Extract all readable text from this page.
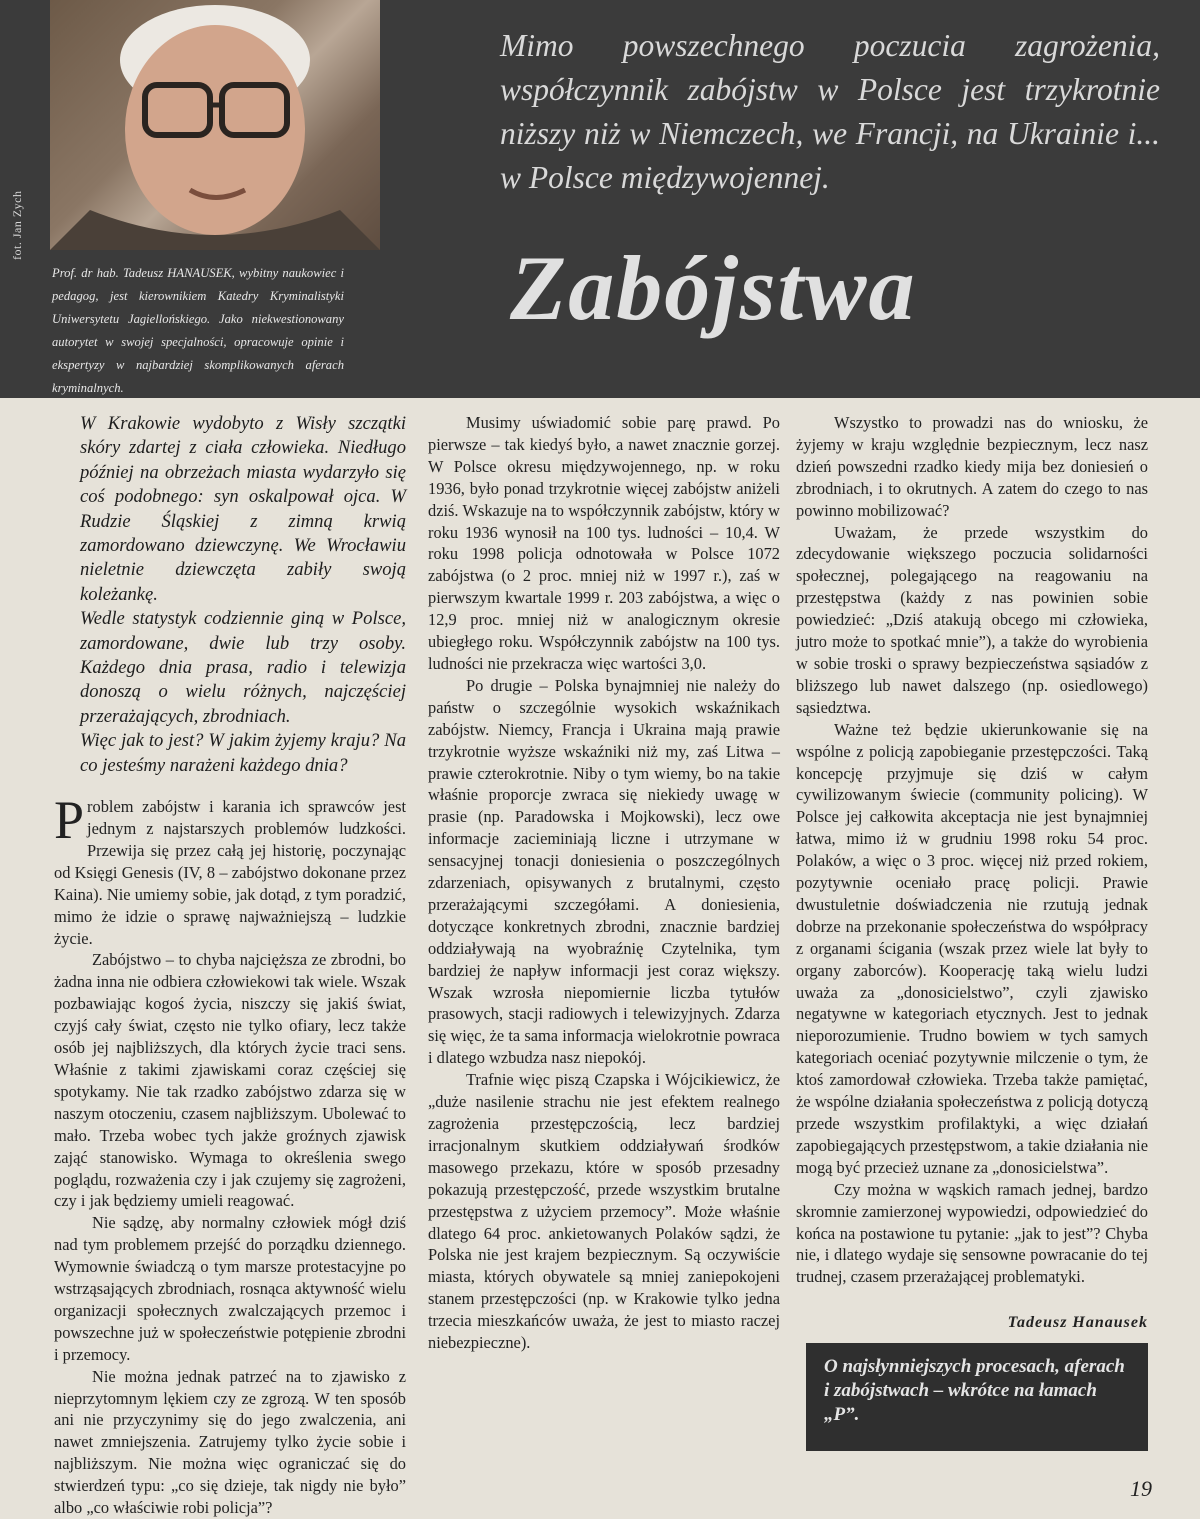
fot. Jan Zych

Prof. dr hab. Tadeusz HANAUSEK, wybitny naukowiec i pedagog, jest kierownikiem Katedry Kryminalistyki Uniwersytetu Jagiellońskiego. Jako niekwestionowany autorytet w swojej specjalności, opracowuje opinie i ekspertyzy w najbardziej skomplikowanych aferach kryminalnych.

Mimo powszechnego poczucia zagrożenia, współczynnik zabójstw w Polsce jest trzykrotnie niższy niż w Niemczech, we Francji, na Ukrainie i... w Polsce międzywojennej.

Zabójstwa

W Krakowie wydobyto z Wisły szczątki skóry zdartej z ciała człowieka. Niedługo później na obrzeżach miasta wydarzyło się coś podobnego: syn oskalpował ojca. W Rudzie Śląskiej z zimną krwią zamordowano dziewczynę. We Wrocławiu nieletnie dziewczęta zabiły swoją koleżankę.

Wedle statystyk codziennie giną w Polsce, zamordowane, dwie lub trzy osoby. Każdego dnia prasa, radio i telewizja donoszą o wielu różnych, najczęściej przerażających, zbrodniach.

Więc jak to jest? W jakim żyjemy kraju? Na co jesteśmy narażeni każdego dnia?

Problem zabójstw i karania ich sprawców jest jednym z najstarszych problemów ludzkości. Przewija się przez całą jej historię, poczynając od Księgi Genesis (IV, 8 – zabójstwo dokonane przez Kaina). Nie umiemy sobie, jak dotąd, z tym poradzić, mimo że idzie o sprawę najważniejszą – ludzkie życie.

Zabójstwo – to chyba najcięższa ze zbrodni, bo żadna inna nie odbiera człowiekowi tak wiele. Wszak pozbawiając kogoś życia, niszczy się jakiś świat, czyjś cały świat, często nie tylko ofiary, lecz także osób jej najbliższych, dla których życie traci sens. Właśnie z takimi zjawiskami coraz częściej się spotykamy. Nie tak rzadko zabójstwo zdarza się w naszym otoczeniu, czasem najbliższym. Ubolewać to mało. Trzeba wobec tych jakże groźnych zjawisk zająć stanowisko. Wymaga to określenia swego poglądu, rozważenia czy i jak czujemy się zagrożeni, czy i jak będziemy umieli reagować.

Nie sądzę, aby normalny człowiek mógł dziś nad tym problemem przejść do porządku dziennego. Wymownie świadczą o tym marsze protestacyjne po wstrząsających zbrodniach, rosnąca aktywność wielu organizacji społecznych zwalczających przemoc i powszechne już w społeczeństwie potępienie zbrodni i przemocy.

Nie można jednak patrzeć na to zjawisko z nieprzytomnym lękiem czy ze zgrozą. W ten sposób ani nie przyczynimy się do jego zwalczenia, ani nawet zmniejszenia. Zatrujemy tylko życie sobie i najbliższym. Nie można więc ograniczać się do stwierdzeń typu: „co się dzieje, tak nigdy nie było” albo „co właściwie robi policja”?

Musimy uświadomić sobie parę prawd. Po pierwsze – tak kiedyś było, a nawet znacznie gorzej. W Polsce okresu międzywojennego, np. w roku 1936, było ponad trzykrotnie więcej zabójstw aniżeli dziś. Wskazuje na to współczynnik zabójstw, który w roku 1936 wynosił na 100 tys. ludności – 10,4. W roku 1998 policja odnotowała w Polsce 1072 zabójstwa (o 2 proc. mniej niż w 1997 r.), zaś w pierwszym kwartale 1999 r. 203 zabójstwa, a więc o 12,9 proc. mniej niż w analogicznym okresie ubiegłego roku. Współczynnik zabójstw na 100 tys. ludności nie przekracza więc wartości 3,0.

Po drugie – Polska bynajmniej nie należy do państw o szczególnie wysokich wskaźnikach zabójstw. Niemcy, Francja i Ukraina mają prawie trzykrotnie wyższe wskaźniki niż my, zaś Litwa – prawie czterokrotnie. Niby o tym wiemy, bo na takie właśnie proporcje zwraca się niekiedy uwagę w prasie (np. Paradowska i Mojkowski), lecz owe informacje zacieminiają liczne i utrzymane w sensacyjnej tonacji doniesienia o poszczególnych zdarzeniach, opisywanych z brutalnymi, często przerażającymi szczegółami. A doniesienia, dotyczące konkretnych zbrodni, znacznie bardziej oddziaływają na wyobraźnię Czytelnika, tym bardziej że napływ informacji jest coraz większy. Wszak wzrosła niepomiernie liczba tytułów prasowych, stacji radiowych i telewizyjnych. Zdarza się więc, że ta sama informacja wielokrotnie powraca i dlatego wzbudza nasz niepokój.

Trafnie więc piszą Czapska i Wójcikiewicz, że „duże nasilenie strachu nie jest efektem realnego zagrożenia przestępczością, lecz bardziej irracjonalnym skutkiem oddziaływań środków masowego przekazu, które w sposób przesadny pokazują przestępczość, przede wszystkim brutalne przestępstwa z użyciem przemocy”. Może właśnie dlatego 64 proc. ankietowanych Polaków sądzi, że Polska nie jest krajem bezpiecznym. Są oczywiście miasta, których obywatele są mniej zaniepokojeni stanem przestępczości (np. w Krakowie tylko jedna trzecia mieszkańców uważa, że jest to miasto raczej niebezpieczne).

Wszystko to prowadzi nas do wniosku, że żyjemy w kraju względnie bezpiecznym, lecz nasz dzień powszedni rzadko kiedy mija bez doniesień o zbrodniach, i to okrutnych. A zatem do czego to nas powinno mobilizować?

Uważam, że przede wszystkim do zdecydowanie większego poczucia solidarności społecznej, polegającego na reagowaniu na przestępstwa (każdy z nas powinien sobie powiedzieć: „Dziś atakują obcego mi człowieka, jutro może to spotkać mnie”), a także do wyrobienia w sobie troski o sprawy bezpieczeństwa sąsiadów z bliższego lub nawet dalszego (np. osiedlowego) sąsiedztwa.

Ważne też będzie ukierunkowanie się na wspólne z policją zapobieganie przestępczości. Taką koncepcję przyjmuje się dziś w całym cywilizowanym świecie (community policing). W Polsce jej całkowita akceptacja nie jest bynajmniej łatwa, mimo iż w grudniu 1998 roku 54 proc. Polaków, a więc o 3 proc. więcej niż przed rokiem, pozytywnie oceniało pracę policji. Prawie dwustuletnie doświadczenia nie rzutują jednak dobrze na przekonanie społeczeństwa do współpracy z organami ścigania (wszak przez wiele lat były to organy zaborców). Kooperację taką wielu ludzi uważa za „donosicielstwo”, czyli zjawisko negatywne w kategoriach etycznych. Jest to jednak nieporozumienie. Trudno bowiem w tych samych kategoriach oceniać pozytywnie milczenie o tym, że ktoś zamordował człowieka. Trzeba także pamiętać, że wspólne działania społeczeństwa z policją dotyczą przede wszystkim profilaktyki, a więc działań zapobiegających przestępstwom, a takie działania nie mogą być przecież uznane za „donosicielstwa”.

Czy można w wąskich ramach jednej, bardzo skromnie zamierzonej wypowiedzi, odpowiedzieć do końca na postawione tu pytanie: „jak to jest”? Chyba nie, i dlatego wydaje się sensowne powracanie do tej trudnej, czasem przerażającej problematyki.

Tadeusz Hanausek

O najsłynniejszych procesach, aferach i zabójstwach – wkrótce na łamach „P”.

19
